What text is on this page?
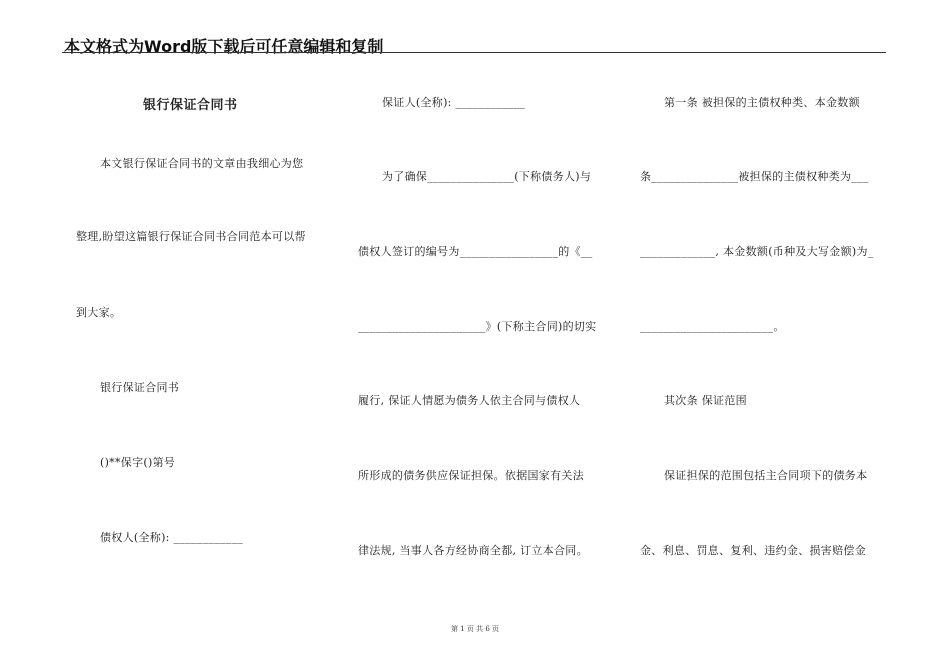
本文格式为Word版下载后可任意编辑和复制
银行保证合同书
本文银行保证合同书的文章由我细心为您
整理,盼望这篇银行保证合同书合同范本可以帮
到大家。
银行保证合同书
()**保字()第号
债权人(全称): ____________
保证人(全称): ____________
为了确保_______________(下称债务人)与
债权人签订的编号为_________________的《__
______________________》(下称主合同)的切实
履行, 保证人情愿为债务人依主合同与债权人
所形成的债务供应保证担保。依据国家有关法
律法规, 当事人各方经协商全都, 订立本合同。
第一条 被担保的主债权种类、本金数额
条_______________被担保的主债权种类为___
_____________, 本金数额(币种及大写金额)为_
_______________________。
其次条 保证范围
保证担保的范围包括主合同项下的债务本
金、利息、罚息、复利、违约金、损害赔偿金
第 1 页 共 6 页
